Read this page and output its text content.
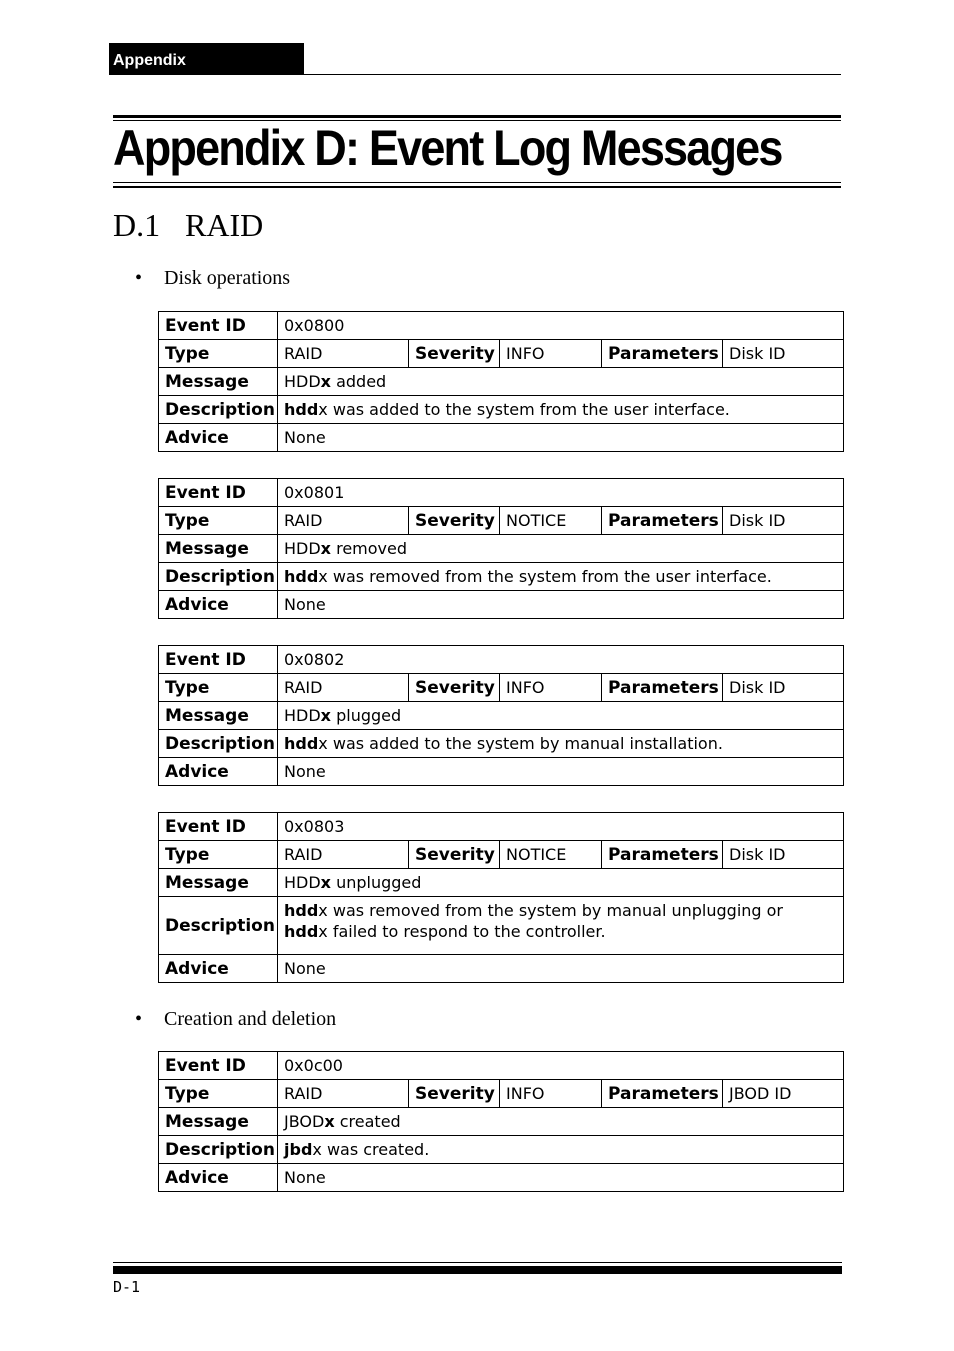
Appendix
Appendix D: Event Log Messages
D.1 RAID
• Disk operations
Event ID	0x0800				
Type	RAID	Severity	INFO	Parameters	Disk ID
Message	HDDx added				
Description	hddx was added to the system from the user interface.				
Advice	None				
Event ID	0x0801				
Type	RAID	Severity	NOTICE	Parameters	Disk ID
Message	HDDx removed				
Description	hddx was removed from the system from the user interface.				
Advice	None				
Event ID	0x0802				
Type	RAID	Severity	INFO	Parameters	Disk ID
Message	HDDx plugged				
Description	hddx was added to the system by manual installation.				
Advice	None				
Event ID	0x0803				
Type	RAID	Severity	NOTICE	Parameters	Disk ID
Message	HDDx unplugged				
Description	hddx was removed from the system by manual unplugging or
hddx failed to respond to the controller.				
Advice	None				
• Creation and deletion
Event ID	0x0c00				
Type	RAID	Severity	INFO	Parameters	JBOD ID
Message	JBODx created				
Description	jbdx was created.				
Advice	None				
D-1
